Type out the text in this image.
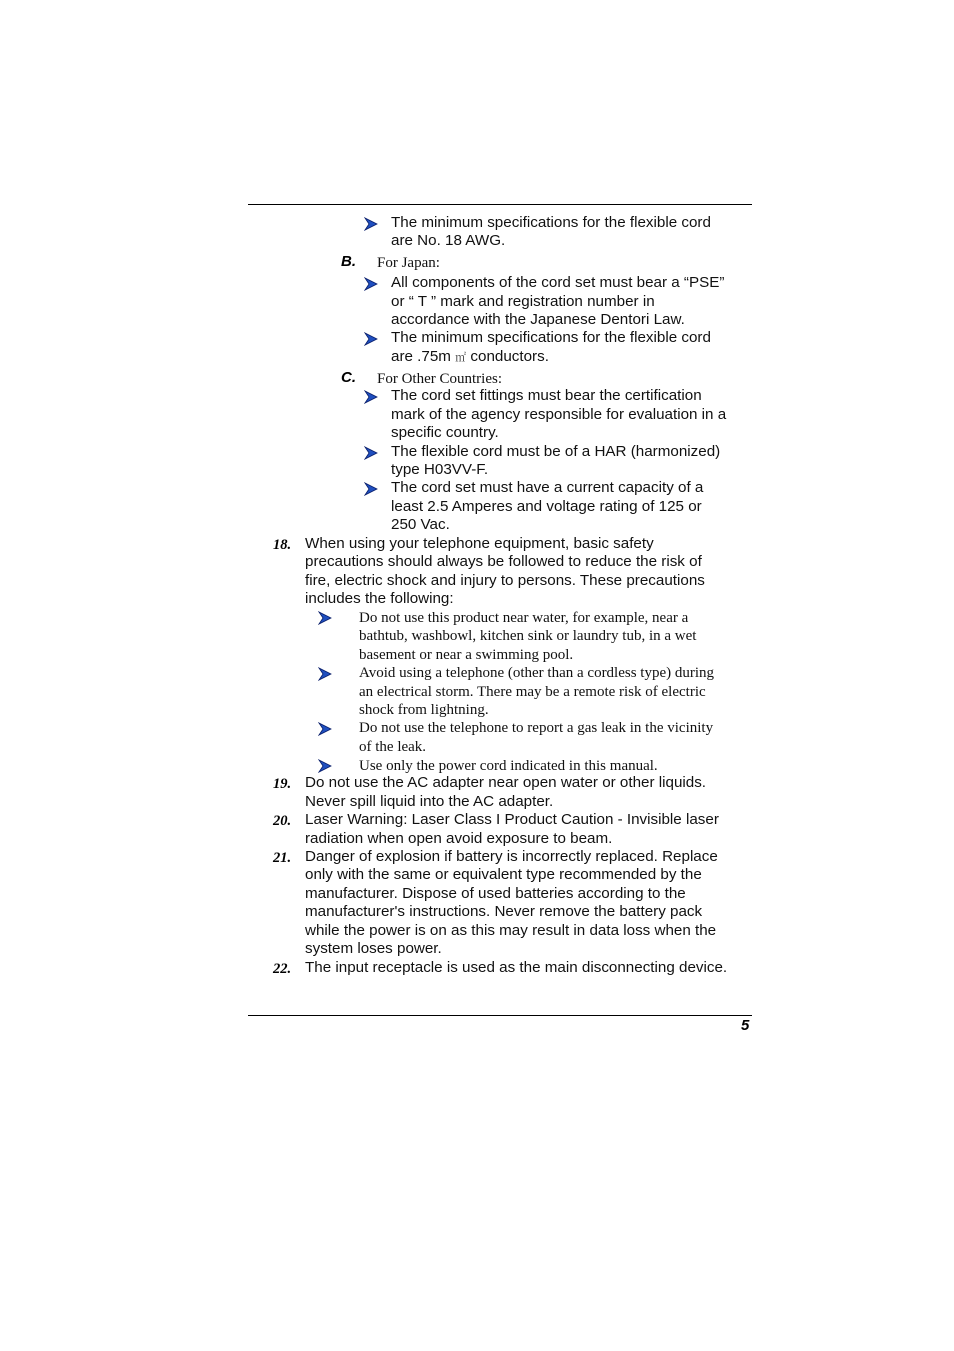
The minimum specifications for the flexible cord
are No. 18 AWG.
B. For Japan:
All components of the cord set must bear a “PSE”
or “ T ” mark and registration number in
accordance with the Japanese Dentori Law.
The minimum specifications for the flexible cord
are .75m ㎡ conductors.
C. For Other Countries:
The cord set fittings must bear the certification
mark of the agency responsible for evaluation in a
specific country.
The flexible cord must be of a HAR (harmonized)
type H03VV-F.
The cord set must have a current capacity of a
least 2.5 Amperes and voltage rating of 125 or
250 Vac.
18. When using your telephone equipment, basic safety
precautions should always be followed to reduce the risk of
fire, electric shock and injury to persons. These precautions
includes the following:
Do not use this product near water, for example, near a
bathtub, washbowl, kitchen sink or laundry tub, in a wet
basement or near a swimming pool.
Avoid using a telephone (other than a cordless type) during
an electrical storm. There may be a remote risk of electric
shock from lightning.
Do not use the telephone to report a gas leak in the vicinity
of the leak.
Use only the power cord indicated in this manual.
19. Do not use the AC adapter near open water or other liquids.
Never spill liquid into the AC adapter.
20. Laser Warning: Laser Class I Product Caution - Invisible laser
radiation when open avoid exposure to beam.
21. Danger of explosion if battery is incorrectly replaced. Replace
only with the same or equivalent type recommended by the
manufacturer. Dispose of used batteries according to the
manufacturer's instructions. Never remove the battery pack
while the power is on as this may result in data loss when the
system loses power.
22. The input receptacle is used as the main disconnecting device.
5
